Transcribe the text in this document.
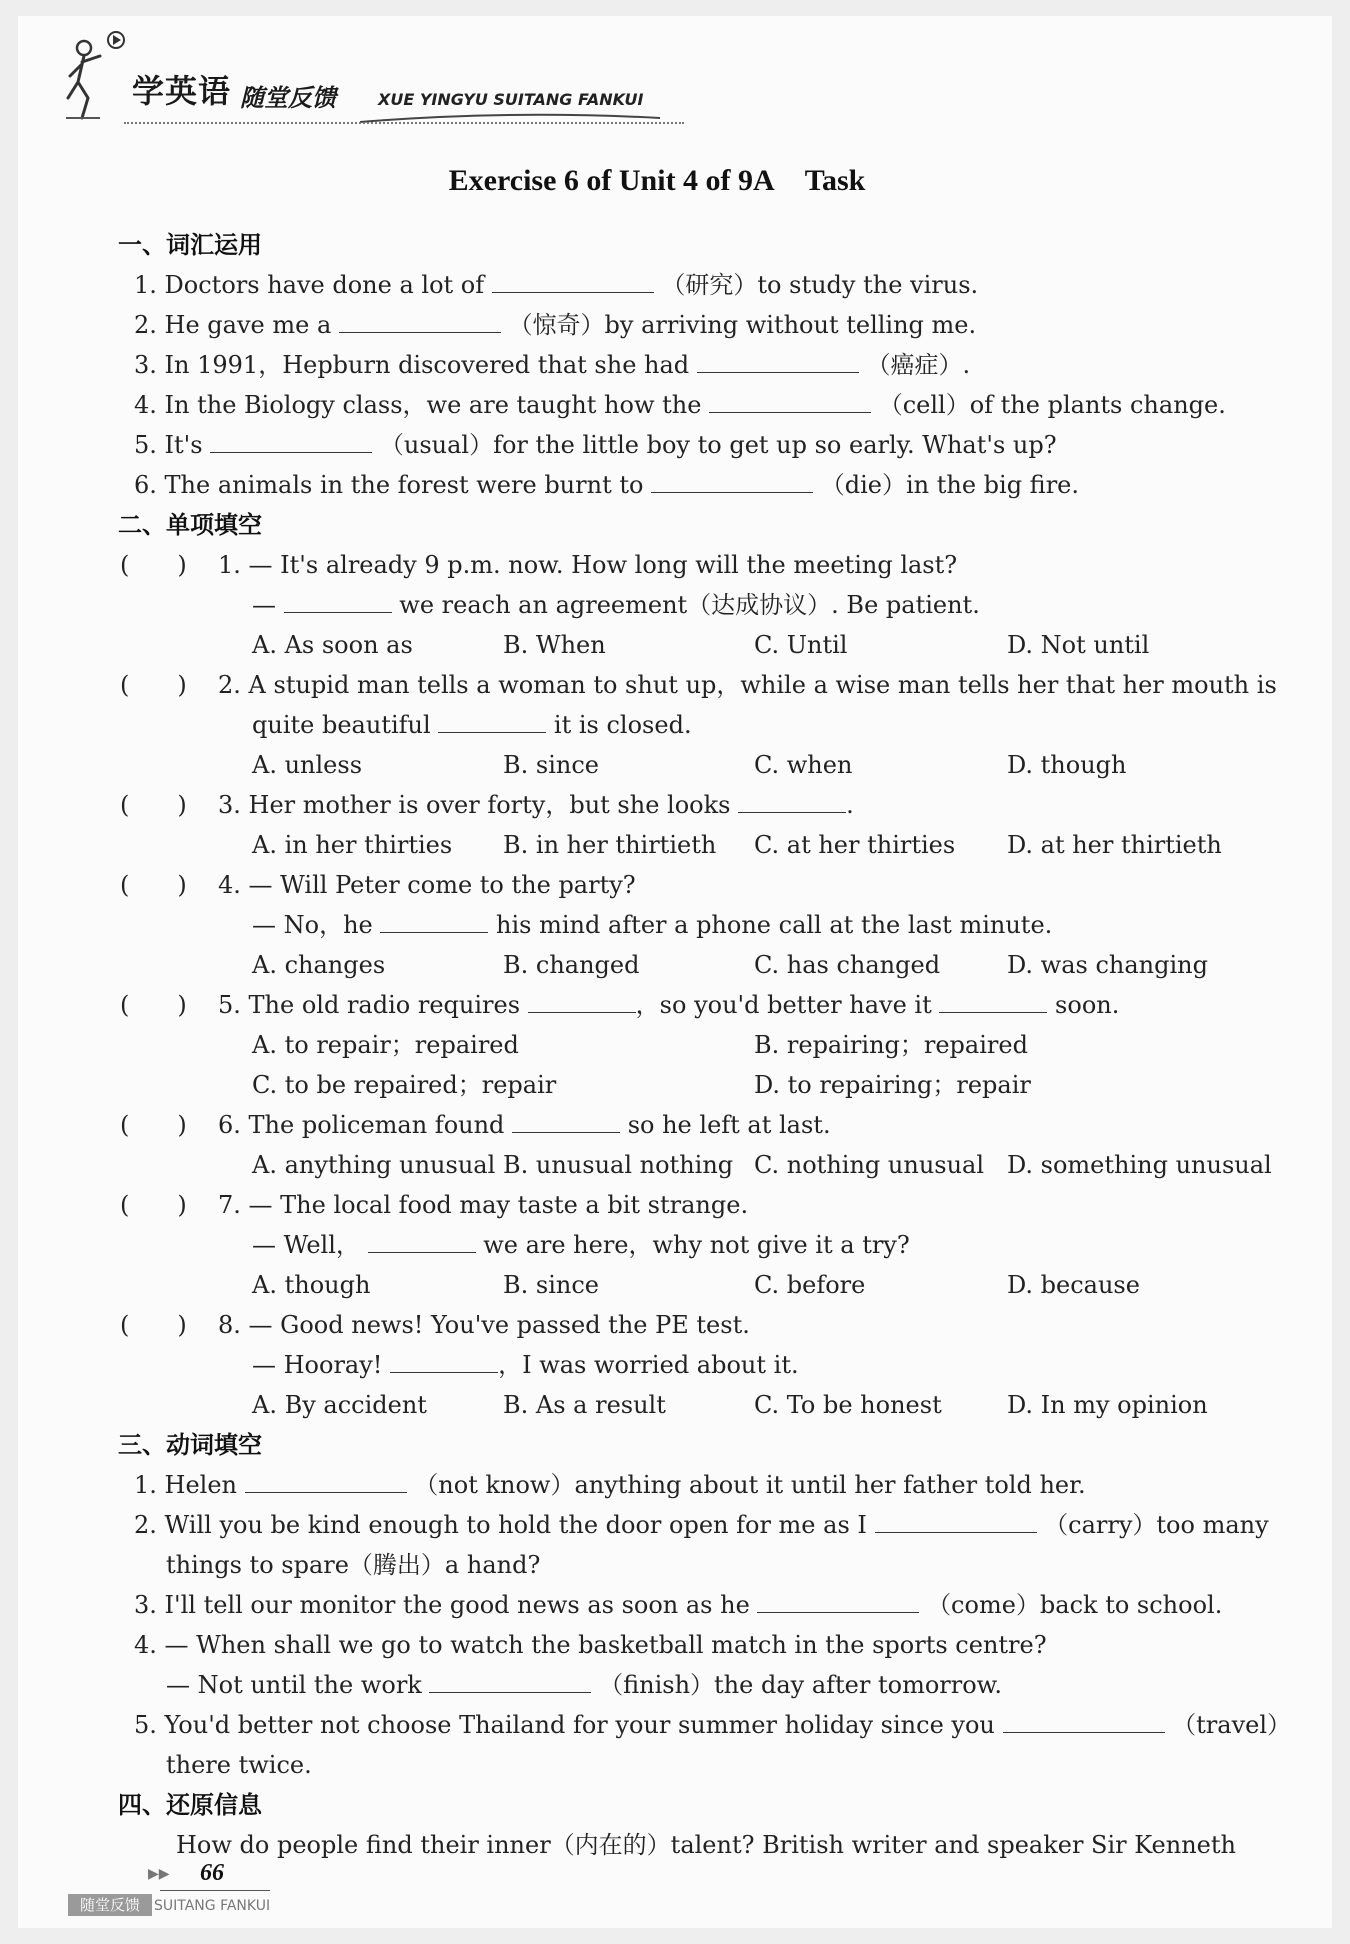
学英语 随堂反馈	XUE YINGYU SUITANG FANKUI
Exercise 6 of Unit 4 of 9A Task
一、词汇运用
1. Doctors have done a lot of	（研究）to study the virus.
2. He gave me a	（惊奇）by arriving without telling me.
3. In 1991，Hepburn discovered that she had	（癌症）.
4. In the Biology class，we are taught how the	（cell）of the plants change.
5. It's	（usual）for the little boy to get up so early. What's up?
6. The animals in the forest were burnt to	（die）in the big fire.
二、单项填空
(　　) 1. — It's already 9 p.m. now. How long will the meeting last?
—	we reach an agreement（达成协议）. Be patient.
A. As soon as	B. When	C. Until	D. Not until
(　　) 2. A stupid man tells a woman to shut up，while a wise man tells her that her mouth is
quite beautiful	it is closed.
A. unless	B. since	C. when	D. though
(　　) 3. Her mother is over forty，but she looks	.
A. in her thirties B. in her thirtieth C. at her thirties D. at her thirtieth
(　　) 4. — Will Peter come to the party?
— No，he	his mind after a phone call at the last minute.
A. changes	B. changed	C. has changed	D. was changing
(　　) 5. The old radio requires	，so you'd better have it	soon.
A. to repair；repaired	B. repairing；repaired
C. to be repaired；repair	D. to repairing；repair
(　　) 6. The policeman found	so he left at last.
A. anything unusual B. unusual nothing C. nothing unusual D. something unusual
(　　) 7. — The local food may taste a bit strange.
— Well，	we are here，why not give it a try?
A. though	B. since	C. before	D. because
(　　) 8. — Good news! You've passed the PE test.
— Hooray!	，I was worried about it.
A. By accident	B. As a result	C. To be honest	D. In my opinion
三、动词填空
1. Helen	（not know）anything about it until her father told her.
2. Will you be kind enough to hold the door open for me as I	（carry）too many
things to spare（腾出）a hand?
3. I'll tell our monitor the good news as soon as he	（come）back to school.
4. — When shall we go to watch the basketball match in the sports centre?
— Not until the work	（finish）the day after tomorrow.
5. You'd better not choose Thailand for your summer holiday since you	（travel）
there twice.
四、还原信息
How do people find their inner（内在的）talent? British writer and speaker Sir Kenneth
▶▶ 66
随堂反馈	SUITANG FANKUI
